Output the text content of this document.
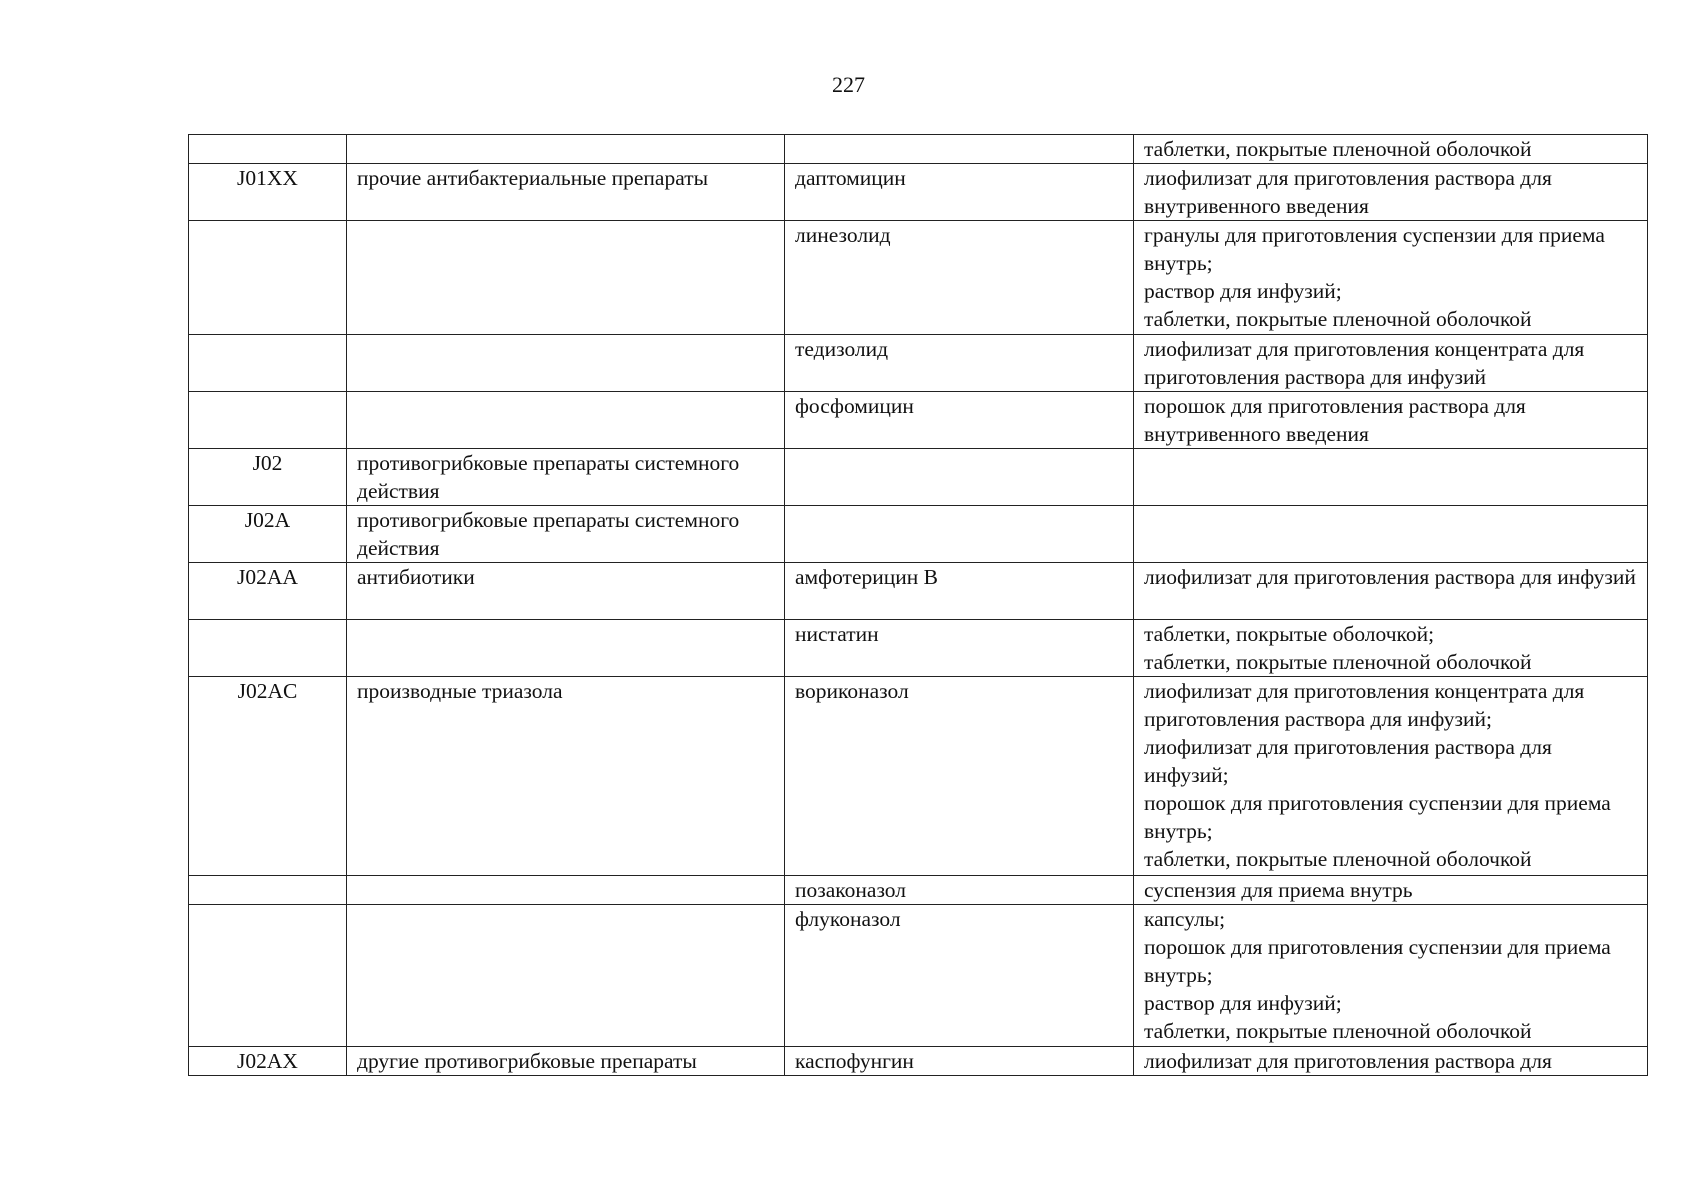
227
			таблетки, покрытые пленочной оболочкой
J01XX	прочие антибактериальные препараты	даптомицин	лиофилизат для приготовления раствора для внутривенного введения
		линезолид	гранулы для приготовления суспензии для приема внутрь;
раствор для инфузий;
таблетки, покрытые пленочной оболочкой
		тедизолид	лиофилизат для приготовления концентрата для приготовления раствора для инфузий
		фосфомицин	порошок для приготовления раствора для внутривенного введения
J02	противогрибковые препараты системного действия		
J02A	противогрибковые препараты системного действия		
J02AA	антибиотики	амфотерицин В	лиофилизат для приготовления раствора для инфузий
		нистатин	таблетки, покрытые оболочкой;
таблетки, покрытые пленочной оболочкой
J02AC	производные триазола	вориконазол	лиофилизат для приготовления концентрата для приготовления раствора для инфузий;
лиофилизат для приготовления раствора для инфузий;
порошок для приготовления суспензии для приема внутрь;
таблетки, покрытые пленочной оболочкой
		позаконазол	суспензия для приема внутрь
		флуконазол	капсулы;
порошок для приготовления суспензии для приема внутрь;
раствор для инфузий;
таблетки, покрытые пленочной оболочкой
J02AX	другие противогрибковые препараты	каспофунгин	лиофилизат для приготовления раствора для
